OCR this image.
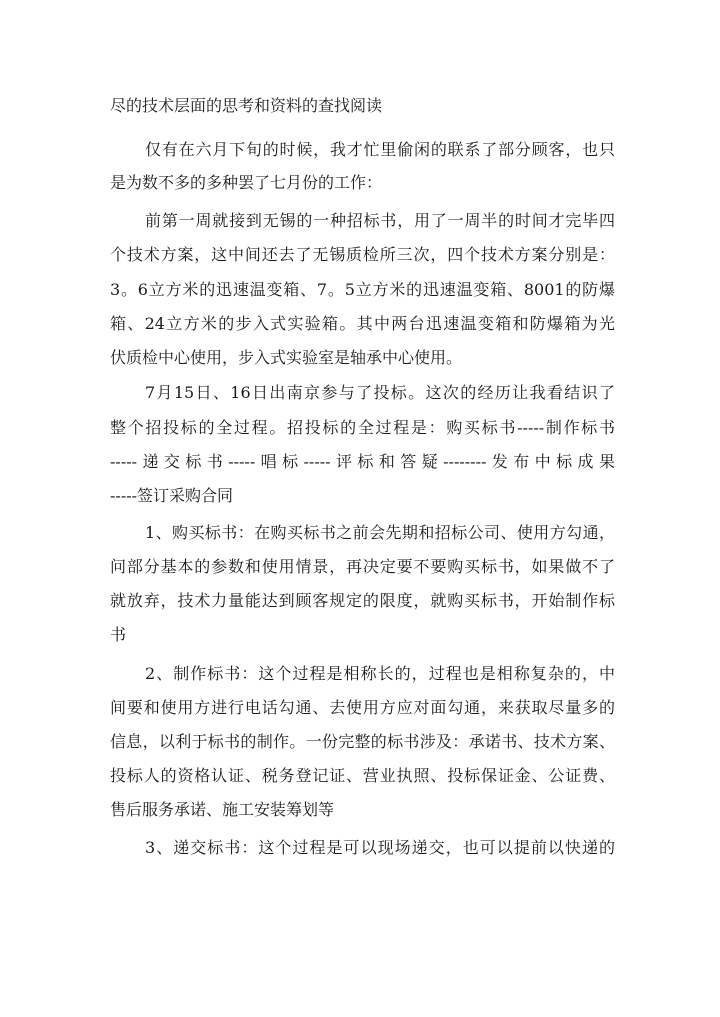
尽的技术层面的思考和资料的查找阅读
仅有在六月下旬的时候，我才忙里偷闲的联系了部分顾客，也只
是为数不多的多种罢了七月份的工作：
前第一周就接到无锡的一种招标书，用了一周半的时间才完毕四
个技术方案，这中间还去了无锡质检所三次，四个技术方案分别是：
3。6立方米的迅速温变箱、7。5立方米的迅速温变箱、8001的防爆
箱、24立方米的步入式实验箱。其中两台迅速温变箱和防爆箱为光
伏质检中心使用，步入式实验室是轴承中心使用。
7月15日、16日出南京参与了投标。这次的经历让我看结识了
整个招投标的全过程。招投标的全过程是：购买标书-----制作标书
-----递交标书-----唱标-----评标和答疑--------发布中标成果
-----签订采购合同
1、购买标书：在购买标书之前会先期和招标公司、使用方勾通，
问部分基本的参数和使用情景，再决定要不要购买标书，如果做不了
就放弃，技术力量能达到顾客规定的限度，就购买标书，开始制作标
书
2、制作标书：这个过程是相称长的，过程也是相称复杂的，中
间要和使用方进行电话勾通、去使用方应对面勾通，来获取尽量多的
信息，以利于标书的制作。一份完整的标书涉及：承诺书、技术方案、
投标人的资格认证、税务登记证、营业执照、投标保证金、公证费、
售后服务承诺、施工安装筹划等
3、递交标书：这个过程是可以现场递交，也可以提前以快递的
